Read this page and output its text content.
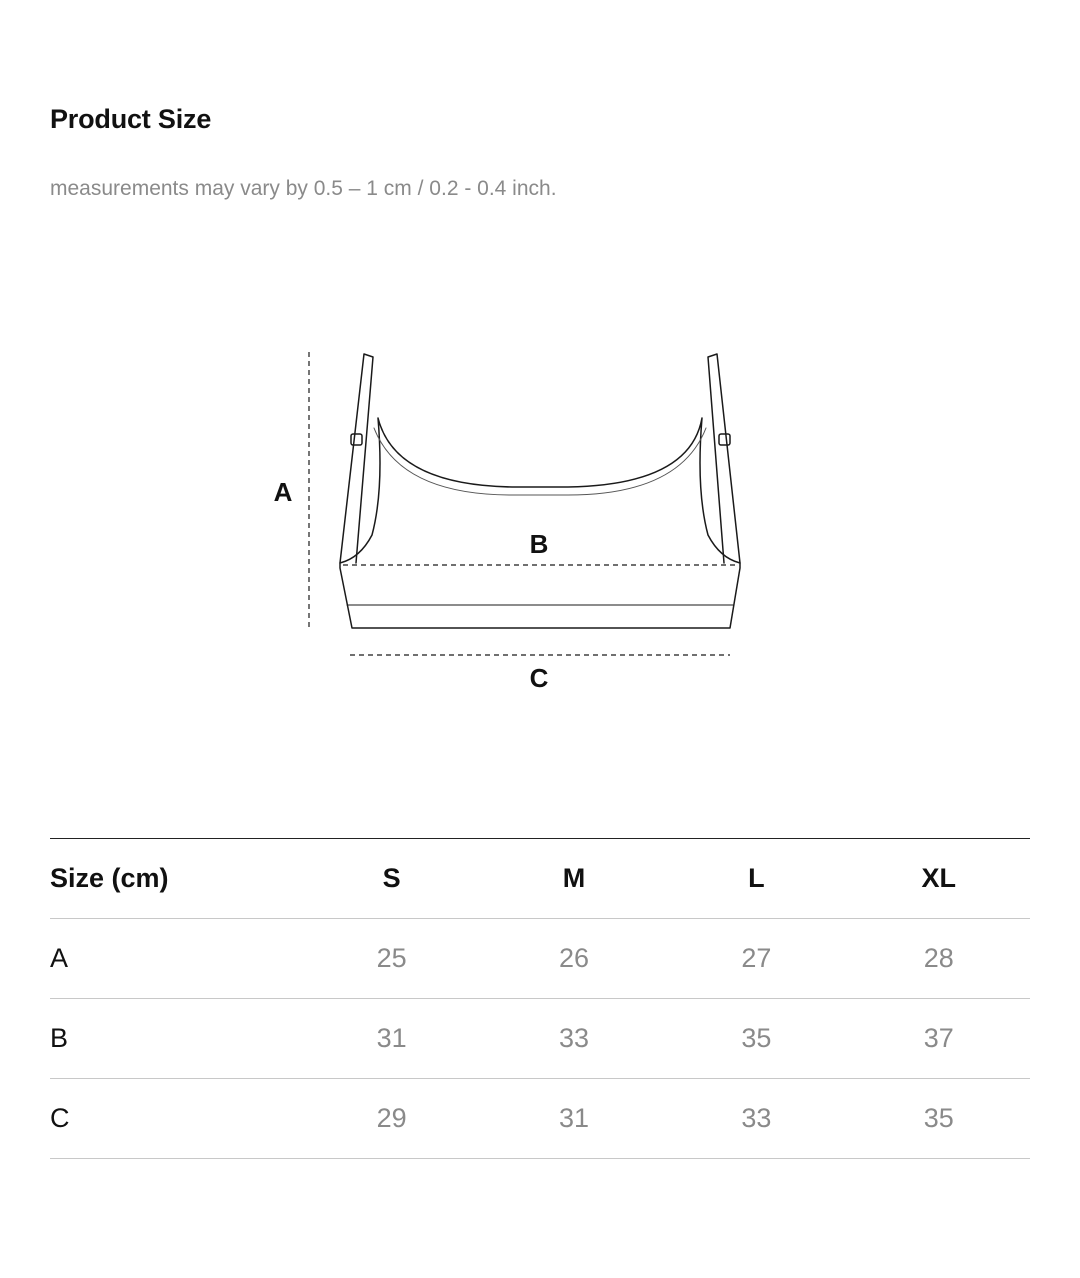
Product Size
measurements may vary by 0.5 – 1 cm / 0.2 - 0.4 inch.
A
B
C
Size (cm)	S	M	L	XL
A	25	26	27	28
B	31	33	35	37
C	29	31	33	35
